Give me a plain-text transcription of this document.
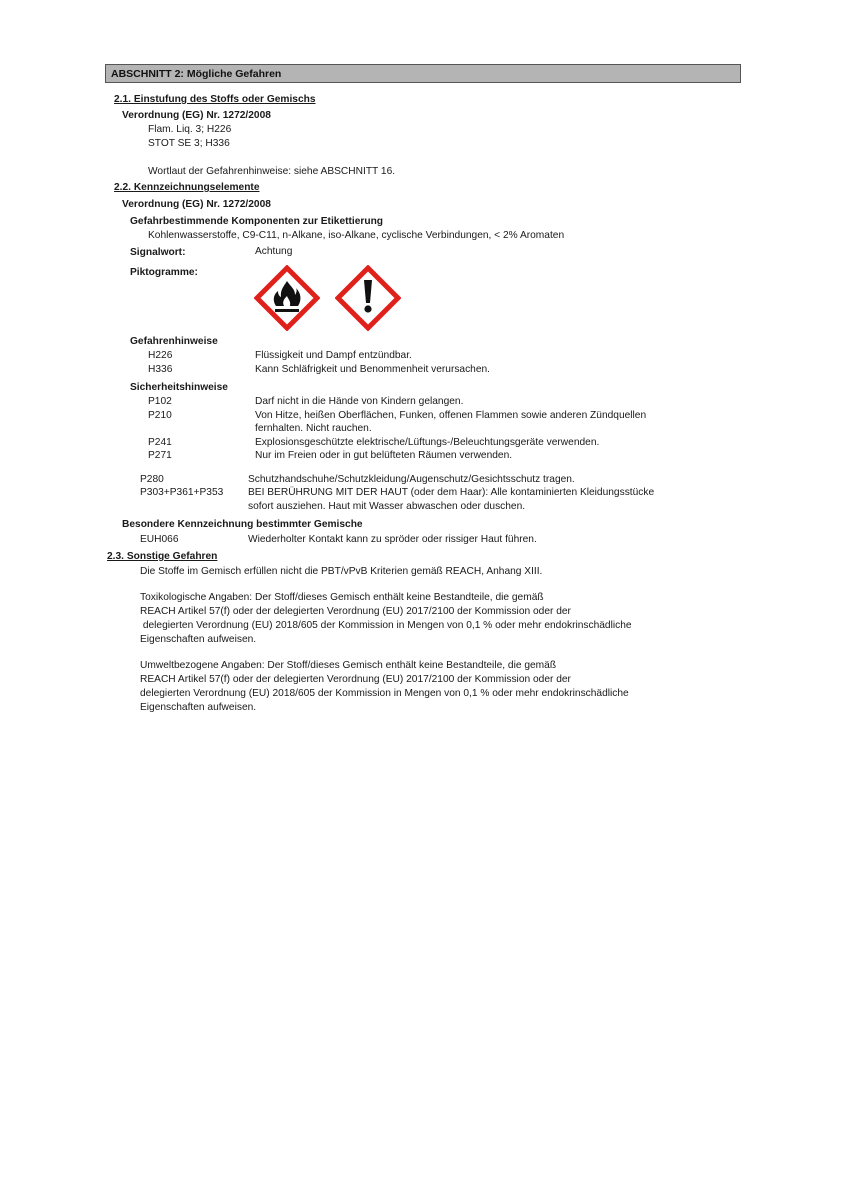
ABSCHNITT 2: Mögliche Gefahren
2.1. Einstufung des Stoffs oder Gemischs
Verordnung (EG) Nr. 1272/2008
Flam. Liq. 3; H226
STOT SE 3; H336
Wortlaut der Gefahrenhinweise: siehe ABSCHNITT 16.
2.2. Kennzeichnungselemente
Verordnung (EG) Nr. 1272/2008
Gefahrbestimmende Komponenten zur Etikettierung
Kohlenwasserstoffe, C9-C11, n-Alkane, iso-Alkane, cyclische Verbindungen, < 2% Aromaten
Signalwort:	Achtung
Piktogramme:
Gefahrenhinweise
H226	Flüssigkeit und Dampf entzündbar.
H336	Kann Schläfrigkeit und Benommenheit verursachen.
Sicherheitshinweise
P102	Darf nicht in die Hände von Kindern gelangen.
P210	Von Hitze, heißen Oberflächen, Funken, offenen Flammen sowie anderen Zündquellen
fernhalten. Nicht rauchen.
P241	Explosionsgeschützte elektrische/Lüftungs-/Beleuchtungsgeräte verwenden.
P271	Nur im Freien oder in gut belüfteten Räumen verwenden.
P280	Schutzhandschuhe/Schutzkleidung/Augenschutz/Gesichtsschutz tragen.
P303+P361+P353 BEI BERÜHRUNG MIT DER HAUT (oder dem Haar): Alle kontaminierten Kleidungsstücke
sofort ausziehen. Haut mit Wasser abwaschen oder duschen.
Besondere Kennzeichnung bestimmter Gemische
EUH066	Wiederholter Kontakt kann zu spröder oder rissiger Haut führen.
2.3. Sonstige Gefahren
Die Stoffe im Gemisch erfüllen nicht die PBT/vPvB Kriterien gemäß REACH, Anhang XIII.
Toxikologische Angaben: Der Stoff/dieses Gemisch enthält keine Bestandteile, die gemäß
REACH Artikel 57(f) oder der delegierten Verordnung (EU) 2017/2100 der Kommission oder der
delegierten Verordnung (EU) 2018/605 der Kommission in Mengen von 0,1 % oder mehr endokrinschädliche
Eigenschaften aufweisen.
Umweltbezogene Angaben: Der Stoff/dieses Gemisch enthält keine Bestandteile, die gemäß
REACH Artikel 57(f) oder der delegierten Verordnung (EU) 2017/2100 der Kommission oder der
delegierten Verordnung (EU) 2018/605 der Kommission in Mengen von 0,1 % oder mehr endokrinschädliche
Eigenschaften aufweisen.
